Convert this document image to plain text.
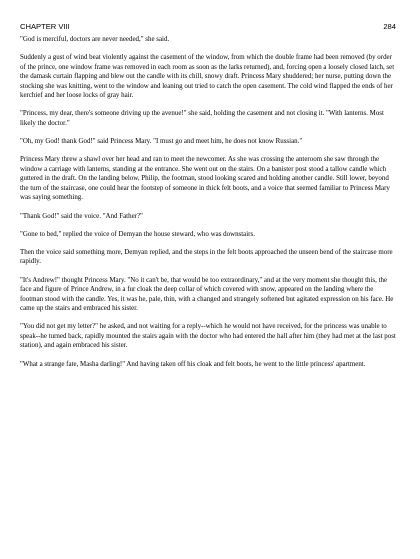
CHAPTER VIII	284

"God is merciful, doctors are never needed," she said.

Suddenly a gust of wind beat violently against the casement of the window, from which the double frame had been removed (by order of the prince, one window frame was removed in each room as soon as the larks returned), and, forcing open a loosely closed latch, set the damask curtain flapping and blew out the candle with its chill, snowy draft. Princess Mary shuddered; her nurse, putting down the stocking she was knitting, went to the window and leaning out tried to catch the open casement. The cold wind flapped the ends of her kerchief and her loose locks of gray hair.

"Princess, my dear, there's someone driving up the avenue!" she said, holding the casement and not closing it. "With lanterns. Most likely the doctor."

"Oh, my God! thank God!" said Princess Mary. "I must go and meet him, he does not know Russian."

Princess Mary threw a shawl over her head and ran to meet the newcomer. As she was crossing the anteroom she saw through the window a carriage with lanterns, standing at the entrance. She went out on the stairs. On a banister post stood a tallow candle which guttered in the draft. On the landing below, Philip, the footman, stood looking scared and holding another candle. Still lower, beyond the turn of the staircase, one could hear the footstep of someone in thick felt boots, and a voice that seemed familiar to Princess Mary was saying something.

"Thank God!" said the voice. "And Father?"

"Gone to bed," replied the voice of Demyan the house steward, who was downstairs.

Then the voice said something more, Demyan replied, and the steps in the felt boots approached the unseen bend of the staircase more rapidly.

"It's Andrew!" thought Princess Mary. "No it can't be, that would be too extraordinary," and at the very moment she thought this, the face and figure of Prince Andrew, in a fur cloak the deep collar of which covered with snow, appeared on the landing where the footman stood with the candle. Yes, it was he, pale, thin, with a changed and strangely softened but agitated expression on his face. He came up the stairs and embraced his sister.

"You did not get my letter?" he asked, and not waiting for a reply--which he would not have received, for the princess was unable to speak--he turned back, rapidly mounted the stairs again with the doctor who had entered the hall after him (they had met at the last post station), and again embraced his sister.

"What a strange fate, Masha darling!" And having taken off his cloak and felt boots, he went to the little princess' apartment.
